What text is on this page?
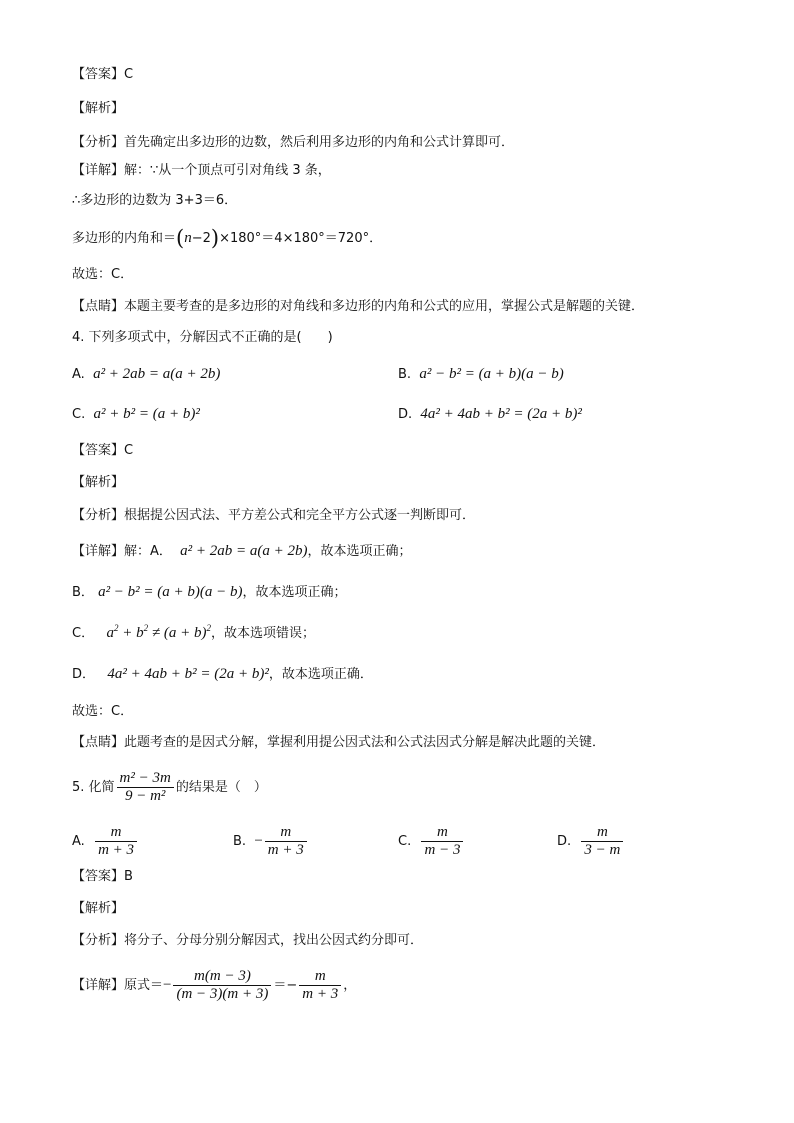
【答案】C
【解析】
【分析】首先确定出多边形的边数，然后利用多边形的内角和公式计算即可．
【详解】解：∵从一个顶点可引对角线 3 条，
∴多边形的边数为 3+3＝6．
多边形的内角和＝(n−2)×180°＝4×180°＝720°．
故选：C．
【点睛】本题主要考查的是多边形的对角线和多边形的内角和公式的应用，掌握公式是解题的关键．
4. 下列多项式中，分解因式不正确的是(　　)
A. a² + 2ab = a(a + 2b)	B. a² − b² = (a + b)(a − b)
C. a² + b² = (a + b)²	D. 4a² + 4ab + b² = (2a + b)²
【答案】C
【解析】
【分析】根据提公因式法、平方差公式和完全平方公式逐一判断即可．
【详解】解：A． a² + 2ab = a(a + 2b)，故本选项正确；
B． a² − b² = (a + b)(a − b)，故本选项正确；
C． $a^2 + b^2 \ne (a + b)^2$，故本选项错误；
D． 4a² + 4ab + b² = (2a + b)²，故本选项正确．
故选：C．
【点睛】此题考查的是因式分解，掌握利用提公因式法和公式法因式分解是解决此题的关键．
5. 化简 $\frac{\text{m² − 3m}}{\text{9 − m²}}$ 的结果是（　）
A. $\frac{m}{m + 3}$	B. − $\frac{m}{m + 3}$	C. $\frac{m}{m - 3}$	D. $\frac{m}{3 - m}$
【答案】B
【解析】
【分析】将分子、分母分别分解因式，找出公因式约分即可．
【详解】原式＝− $\frac{m(m - 3)}{(m - 3)(m + 3)} =- \frac{m}{m + 3}$ ，
